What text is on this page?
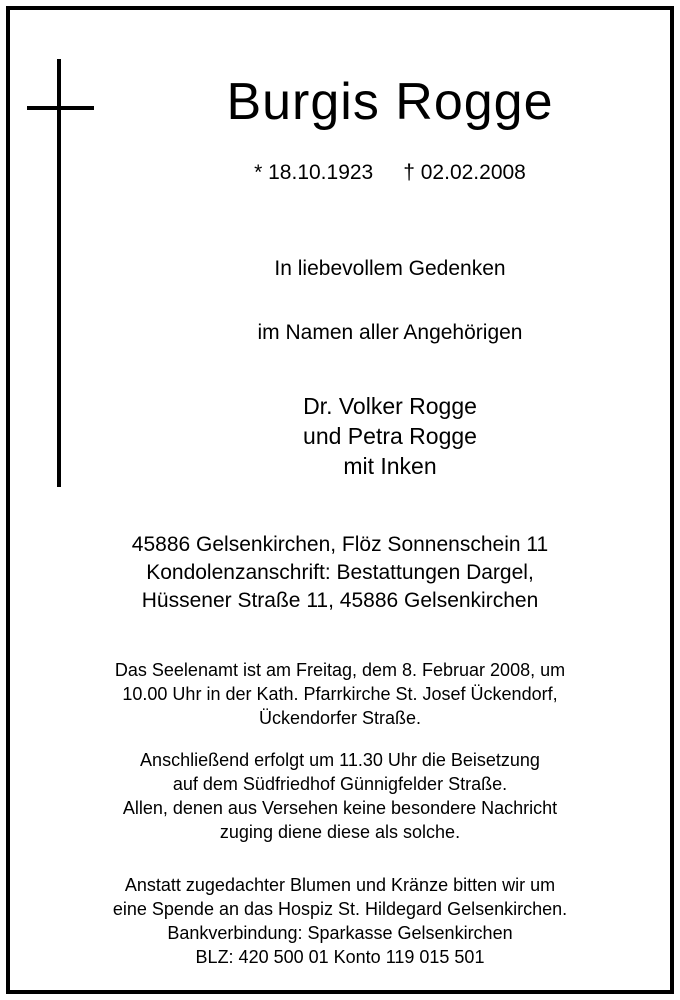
Burgis Rogge
* 18.10.1923 † 02.02.2008
In liebevollem Gedenken
im Namen aller Angehörigen
Dr. Volker Rogge
und Petra Rogge
mit Inken
45886 Gelsenkirchen, Flöz Sonnenschein 11
Kondolenzanschrift: Bestattungen Dargel,
Hüssener Straße 11, 45886 Gelsenkirchen
Das Seelenamt ist am Freitag, dem 8. Februar 2008, um
10.00 Uhr in der Kath. Pfarrkirche St. Josef Ückendorf,
Ückendorfer Straße.
Anschließend erfolgt um 11.30 Uhr die Beisetzung
auf dem Südfriedhof Günnigfelder Straße.
Allen, denen aus Versehen keine besondere Nachricht
zuging diene diese als solche.
Anstatt zugedachter Blumen und Kränze bitten wir um
eine Spende an das Hospiz St. Hildegard Gelsenkirchen.
Bankverbindung: Sparkasse Gelsenkirchen
BLZ: 420 500 01 Konto 119 015 501
